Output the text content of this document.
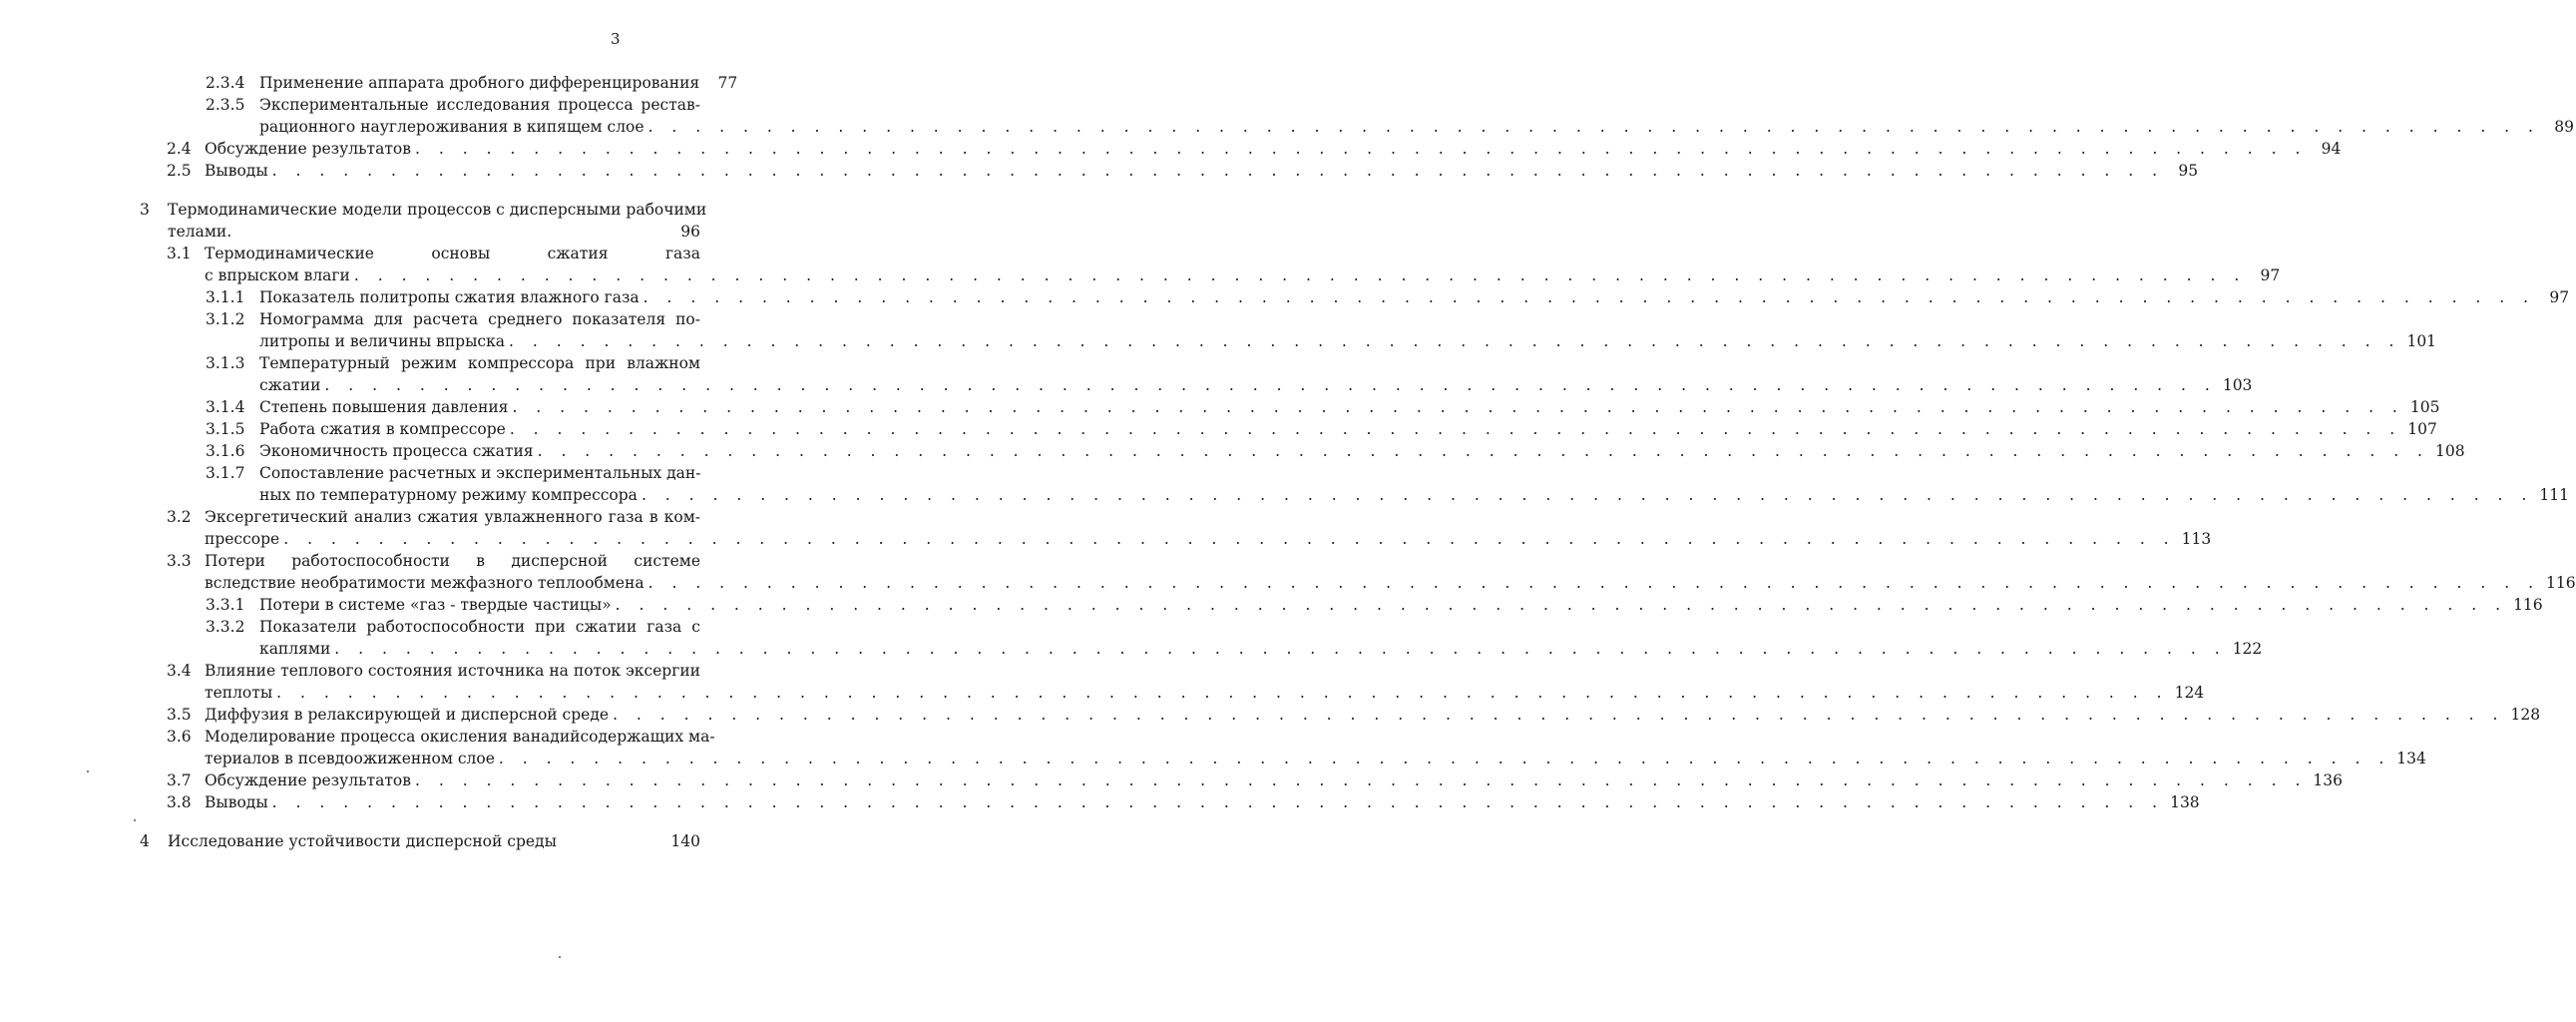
3
2.3.4 Применение аппарата дробного дифференцирования	77
2.3.5 Экспериментальные исследования процесса рестав-
рационного науглероживания в кипящем слое . . . . . . . . . . . . . . . . . . . . . . . . . . . . . . . . . . . . . . . . . . . . . . . . . . . . . . . . . . . . . . . . . . . . . . . . . . . . . . . . 89
2.4 Обсуждение результатов . . . . . . . . . . . . . . . . . . . . . . . . . . . . . . . . . . . . . . . . . . . . . . . . . . . . . . . . . . . . . . . . . . . . . . . . . . . . . . . . 94
2.5 Выводы . . . . . . . . . . . . . . . . . . . . . . . . . . . . . . . . . . . . . . . . . . . . . . . . . . . . . . . . . . . . . . . . . . . . . . . . . . . . . . . . 95
3 Термодинамические модели процессов с дисперсными рабочими
телами.	96
3.1 Термодинамические основы сжатия газа
с впрыском влаги . . . . . . . . . . . . . . . . . . . . . . . . . . . . . . . . . . . . . . . . . . . . . . . . . . . . . . . . . . . . . . . . . . . . . . . . . . . . . . . . 97
3.1.1 Показатель политропы сжатия влажного газа . . . . . . . . . . . . . . . . . . . . . . . . . . . . . . . . . . . . . . . . . . . . . . . . . . . . . . . . . . . . . . . . . . . . . . . . . . . . . . . . 97
3.1.2 Номограмма для расчета среднего показателя по-
литропы и величины впрыска . . . . . . . . . . . . . . . . . . . . . . . . . . . . . . . . . . . . . . . . . . . . . . . . . . . . . . . . . . . . . . . . . . . . . . . . . . . . . . . . 101
3.1.3 Температурный режим компрессора при влажном
сжатии . . . . . . . . . . . . . . . . . . . . . . . . . . . . . . . . . . . . . . . . . . . . . . . . . . . . . . . . . . . . . . . . . . . . . . . . . . . . . . . . 103
3.1.4 Степень повышения давления . . . . . . . . . . . . . . . . . . . . . . . . . . . . . . . . . . . . . . . . . . . . . . . . . . . . . . . . . . . . . . . . . . . . . . . . . . . . . . . . 105
3.1.5 Работа сжатия в компрессоре . . . . . . . . . . . . . . . . . . . . . . . . . . . . . . . . . . . . . . . . . . . . . . . . . . . . . . . . . . . . . . . . . . . . . . . . . . . . . . . . 107
3.1.6 Экономичность процесса сжатия . . . . . . . . . . . . . . . . . . . . . . . . . . . . . . . . . . . . . . . . . . . . . . . . . . . . . . . . . . . . . . . . . . . . . . . . . . . . . . . . 108
3.1.7 Сопоставление расчетных и экспериментальных дан-
ных по температурному режиму компрессора . . . . . . . . . . . . . . . . . . . . . . . . . . . . . . . . . . . . . . . . . . . . . . . . . . . . . . . . . . . . . . . . . . . . . . . . . . . . . . . . 111
3.2 Эксергетический анализ сжатия увлажненного газа в ком-
прессоре . . . . . . . . . . . . . . . . . . . . . . . . . . . . . . . . . . . . . . . . . . . . . . . . . . . . . . . . . . . . . . . . . . . . . . . . . . . . . . . . 113
3.3 Потери работоспособности в дисперсной системе
вследствие необратимости межфазного теплообмена . . . . . . . . . . . . . . . . . . . . . . . . . . . . . . . . . . . . . . . . . . . . . . . . . . . . . . . . . . . . . . . . . . . . . . . . . . . . . . . . 116
3.3.1 Потери в системе «газ - твердые частицы» . . . . . . . . . . . . . . . . . . . . . . . . . . . . . . . . . . . . . . . . . . . . . . . . . . . . . . . . . . . . . . . . . . . . . . . . . . . . . . . . 116
3.3.2 Показатели работоспособности при сжатии газа с
каплями . . . . . . . . . . . . . . . . . . . . . . . . . . . . . . . . . . . . . . . . . . . . . . . . . . . . . . . . . . . . . . . . . . . . . . . . . . . . . . . . 122
3.4 Влияние теплового состояния источника на поток эксергии
теплоты . . . . . . . . . . . . . . . . . . . . . . . . . . . . . . . . . . . . . . . . . . . . . . . . . . . . . . . . . . . . . . . . . . . . . . . . . . . . . . . . 124
3.5 Диффузия в релаксирующей и дисперсной среде . . . . . . . . . . . . . . . . . . . . . . . . . . . . . . . . . . . . . . . . . . . . . . . . . . . . . . . . . . . . . . . . . . . . . . . . . . . . . . . . 128
3.6 Моделирование процесса окисления ванадийсодержащих ма-
териалов в псевдоожиженном слое . . . . . . . . . . . . . . . . . . . . . . . . . . . . . . . . . . . . . . . . . . . . . . . . . . . . . . . . . . . . . . . . . . . . . . . . . . . . . . . . 134
3.7 Обсуждение результатов . . . . . . . . . . . . . . . . . . . . . . . . . . . . . . . . . . . . . . . . . . . . . . . . . . . . . . . . . . . . . . . . . . . . . . . . . . . . . . . . 136
3.8 Выводы . . . . . . . . . . . . . . . . . . . . . . . . . . . . . . . . . . . . . . . . . . . . . . . . . . . . . . . . . . . . . . . . . . . . . . . . . . . . . . . . 138
4 Исследование устойчивости дисперсной среды	140
